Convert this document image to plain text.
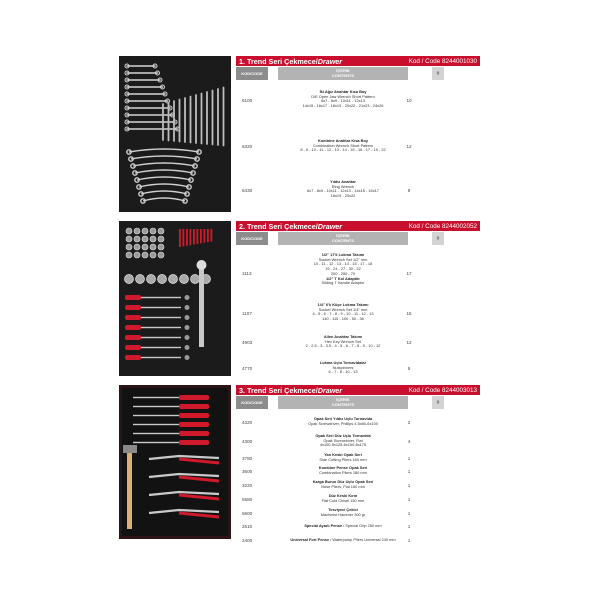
1. Trend Seri Çekmece/Drawer	Kod / Code 8244001030
KOD/CODE
İÇERİK
CONTENTS	#
6100
İki Ağız Anahtar Kısa Boy
D/E Open Jaw Wrench Short Pattern
6x7 - 8x9 - 10x11 - 12x13
14x15 - 16x17 - 18x19 - 20x22 - 21x23 - 24x26
10
6320
Kombine Anahtar Kısa Boy
Combination Wrench Short Pattern
8 - 9 - 10 - 11 - 12 - 13 - 14 - 15 - 16 - 17 - 19 - 22
12
6430
Yıldız Anahtar
Ring Wrench
6x7 - 8x9 - 10x11 - 12x13 - 14x15 - 16x17
18x19 - 20x22
8
2. Trend Seri Çekmece/Drawer	Kod / Code 8244002052
KOD/CODE
İÇERİK
CONTENTS	#
1113
1/2" 17'li Lokma Takımı
Socket Wrench Set 1/2" mm
10 - 11 - 12 - 13 - 14 - 15 - 17 - 18
19 - 24 - 27 - 30 - 32
200 - 250 - 70
1/2" T Kol Adaptör
Sliding T Handle Adaptor
17
1107
1/4" 6'lı Küçe Lokma Takımı
Socket Wrench Set 1/4" mm
4 - 5 - 6 - 7 - 8 - 9 - 10 - 11 - 12 - 13
140 - 115 - 100 - 50 - 36
15
4903
Allen Anahtar Takımı
Hex Key Wrench Set
2 - 2.5 - 3 - 3.5 - 4 - 5 - 6 - 7 - 8 - 9 - 10 - 12
12
4770
Lokma Uçlu Tornavidalar
Nutspinners
6 - 7 - 8 - 10 - 13
5
3. Trend Seri Çekmece/Drawer	Kod / Code 8244003013
KOD/CODE
İÇERİK
CONTENTS	#
4320
Opak Seri Yıldız Uçlu Tornavida
Opak Screwdriver, Phillips 4.5x80-6x100	2
4300
Opak Seri Düz Uçlu Tornavida
Opak Screwdriver, Flat
4x100-5x125-6x150-8x175
4
3780
Yan Keski Opak Seri
Side Cutting Pliers 160 mm	1
3600
Kombine Pense Opak Seri
Combination Pliers 180 mm	1
3220
Karga Burun Düz Uçlu Opak Seri
Nose Pliers, Flat 160 mm	1
5580
Düz Keski Kırın
Flat Cold Chisel 150 mm	1
5600
Tesviyeci Çekici
Machinist Hammer 300 gr	1
2510	Special Ayarlı Pense / Special Grip 250 mm	1
2400	Universal Fort Pense / Waterpump Pliers Universal 240 mm	1
